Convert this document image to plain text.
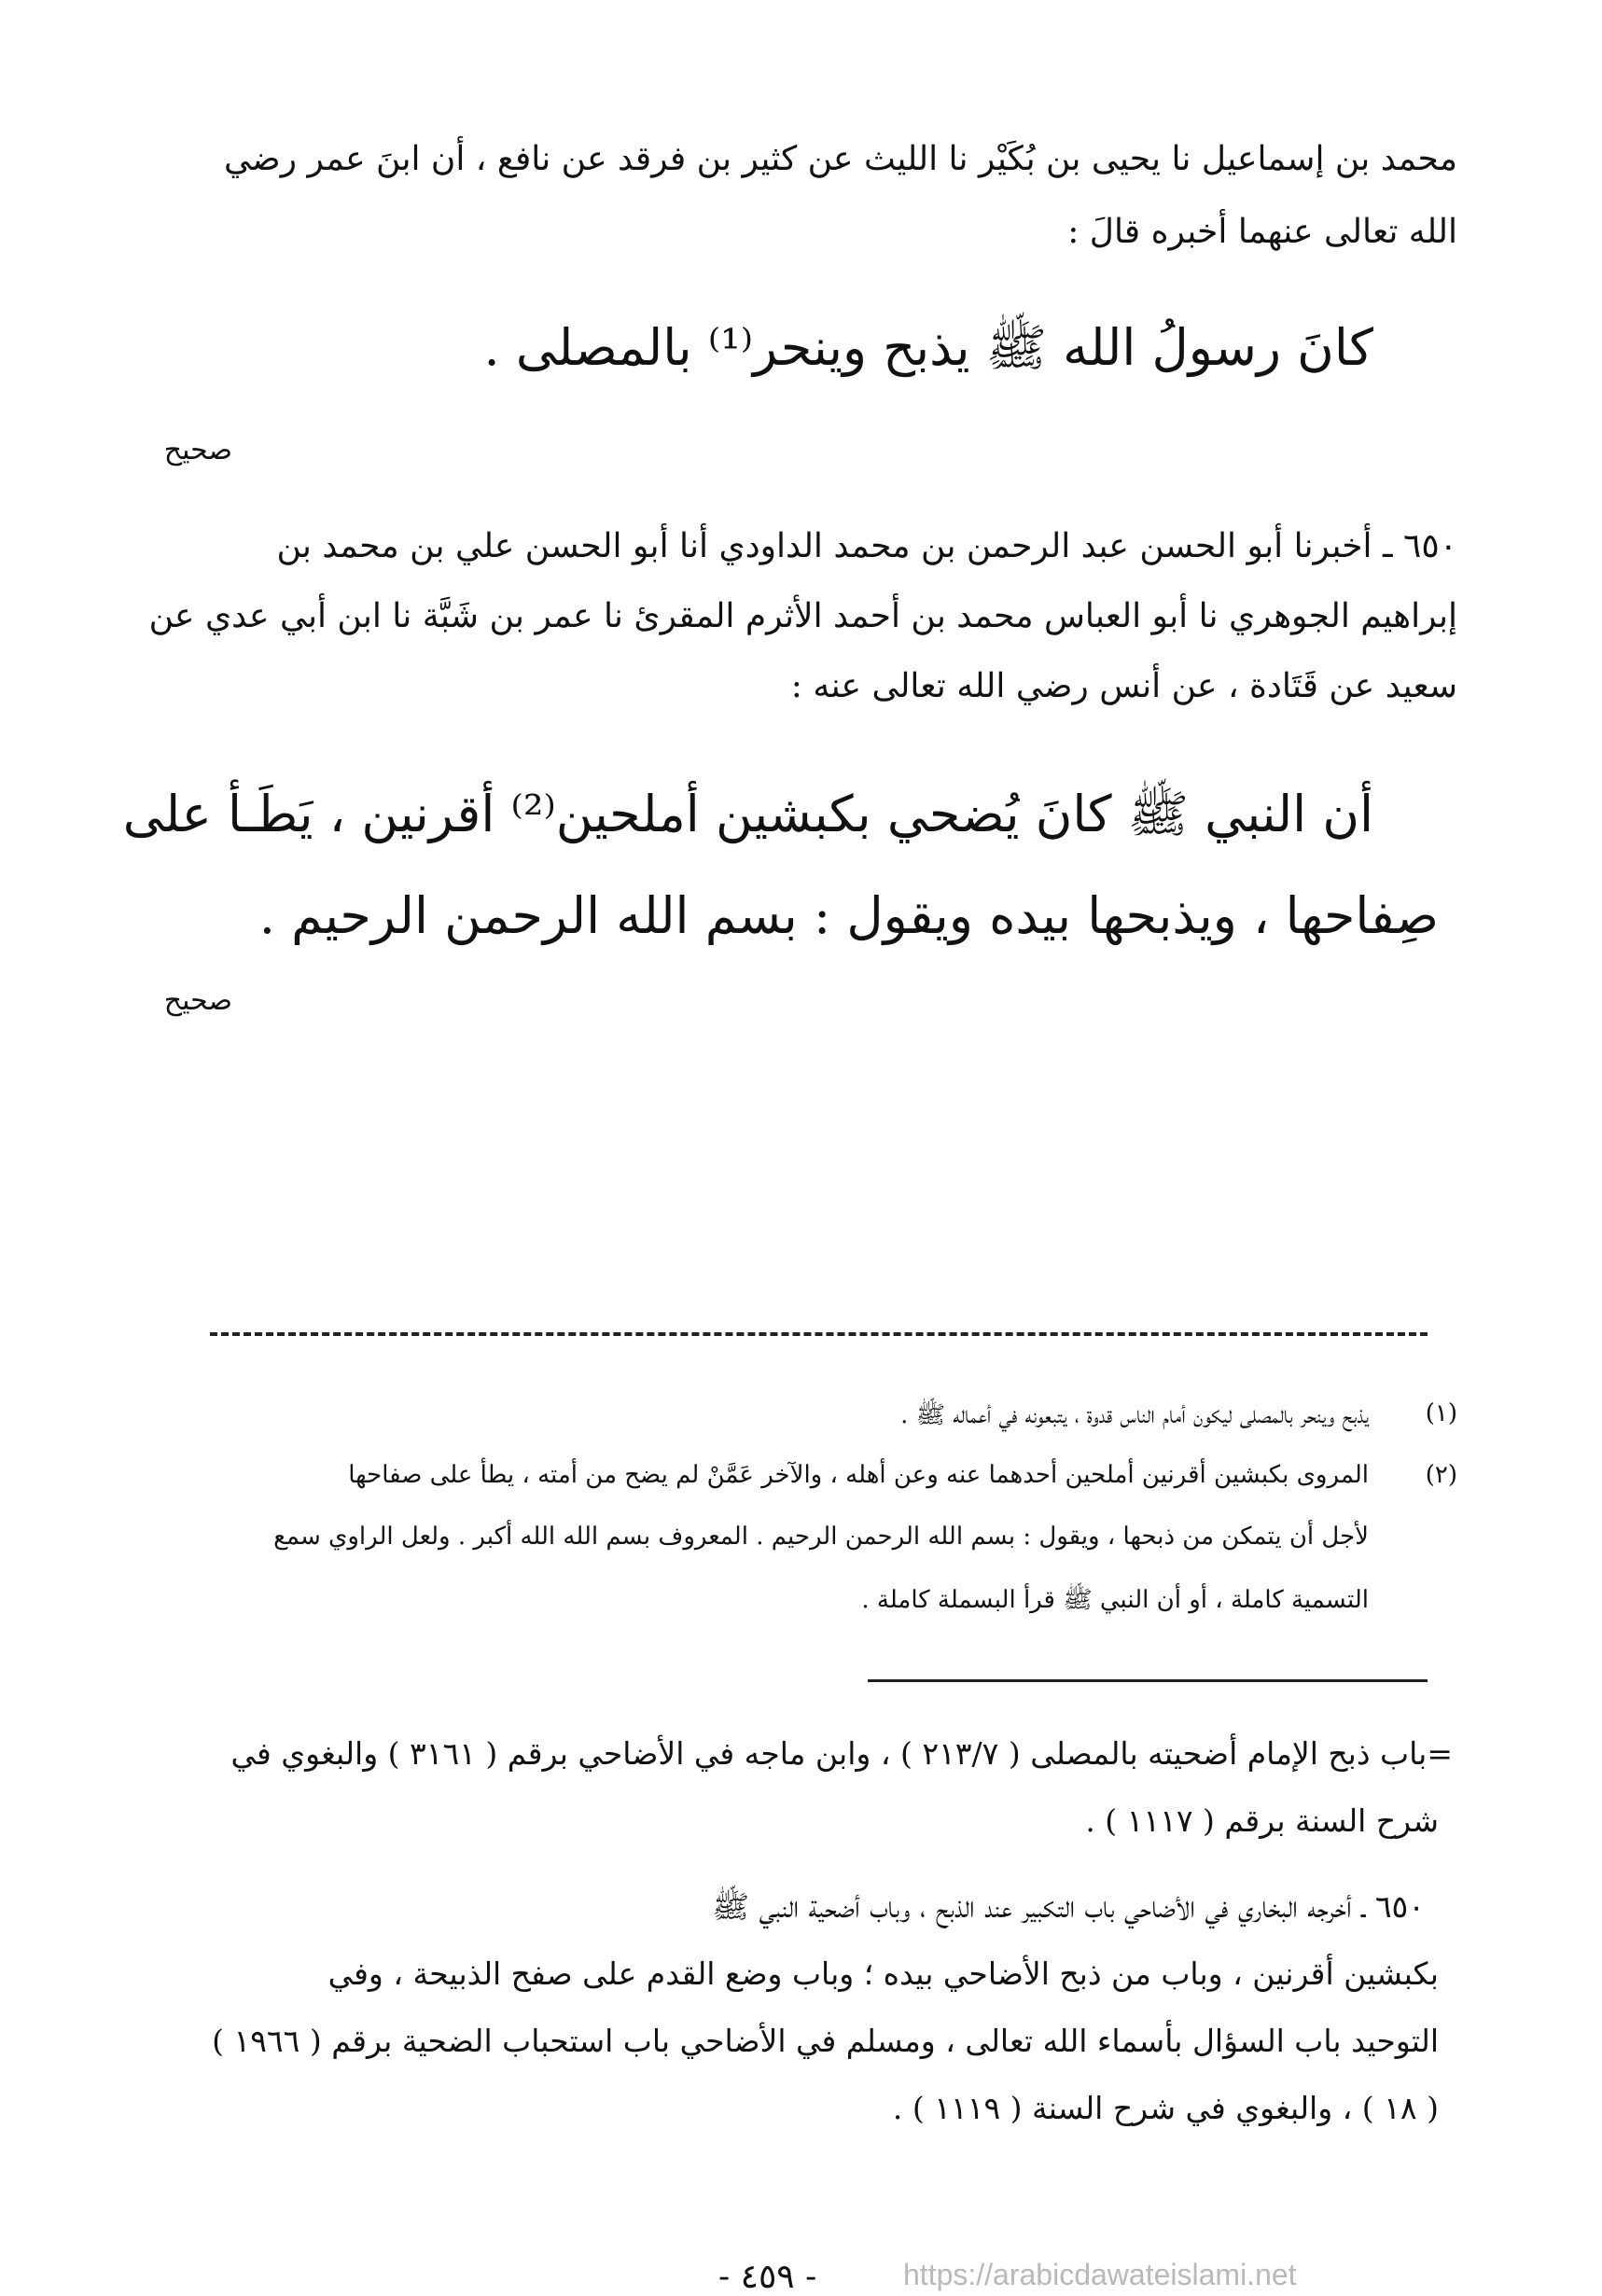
محمد بن إسماعيل نا يحيى بن بُكَيْر نا الليث عن كثير بن فرقد عن نافع ، أن ابنَ عمر رضي
الله تعالى عنهما أخبره قالَ :
كانَ رسولُ الله ﷺ يذبح وينحر⁽¹⁾ بالمصلى .
صحيح
٦٥٠ ـ أخبرنا أبو الحسن عبد الرحمن بن محمد الداودي أنا أبو الحسن علي بن محمد بن
إبراهيم الجوهري نا أبو العباس محمد بن أحمد الأثرم المقرئ نا عمر بن شَبَّة نا ابن أبي عدي عن
سعيد عن قَتَادة ، عن أنس رضي الله تعالى عنه :
أن النبي ﷺ كانَ يُضحي بكبشين أملحين⁽²⁾ أقرنين ، يَطَـأ على
صِفاحها ، ويذبحها بيده ويقول : بسم الله الرحمن الرحيم .
صحيح
(١)
يذبح وينحر بالمصلى ليكون أمام الناس قدوة ، يتبعونه في أعماله ﷺ .
(٢)
المروى بكبشين أقرنين أملحين أحدهما عنه وعن أهله ، والآخر عَمَّنْ لم يضح من أمته ، يطأ على صفاحها
لأجل أن يتمكن من ذبحها ، ويقول : بسم الله الرحمن الرحيم . المعروف بسم الله الله أكبر . ولعل الراوي سمع
التسمية كاملة ، أو أن النبي ﷺ قرأ البسملة كاملة .
=باب ذبح الإمام أضحيته بالمصلى ( ٢١٣/٧ ) ، وابن ماجه في الأضاحي برقم ( ٣١٦١ ) والبغوي في
شرح السنة برقم ( ١١١٧ ) .
٦٥٠ ـ أخرجه البخاري في الأضاحي باب التكبير عند الذبح ، وباب أضحية النبي ﷺ
بكبشين أقرنين ، وباب من ذبح الأضاحي بيده ؛ وباب وضع القدم على صفح الذبيحة ، وفي
التوحيد باب السؤال بأسماء الله تعالى ، ومسلم في الأضاحي باب استحباب الضحية برقم ( ١٩٦٦ )
( ١٨ ) ، والبغوي في شرح السنة ( ١١١٩ ) .
- ٤٥٩ -	https://arabicdawateislami.net
